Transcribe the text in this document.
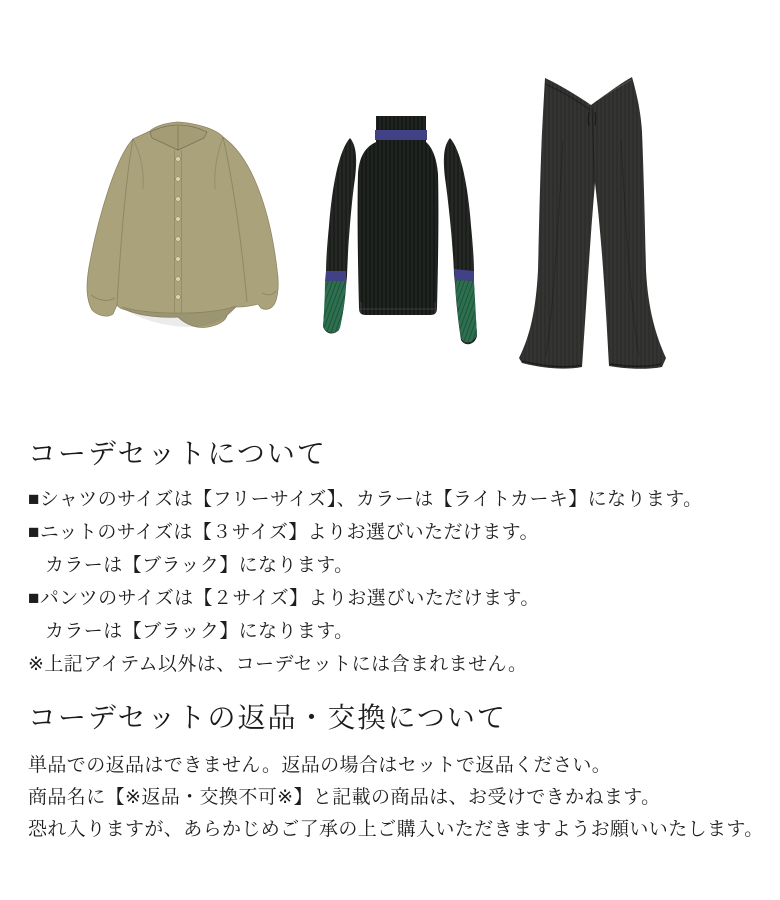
コーデセットについて

■シャツのサイズは【フリーサイズ】、カラーは【ライトカーキ】になります。

■ニットのサイズは【３サイズ】よりお選びいただけます。

カラーは【ブラック】になります。

■パンツのサイズは【２サイズ】よりお選びいただけます。

カラーは【ブラック】になります。

※上記アイテム以外は、コーデセットには含まれません。

コーデセットの返品・交換について

単品での返品はできません。返品の場合はセットで返品ください。

商品名に【※返品・交換不可※】と記載の商品は、お受けできかねます。

恐れ入りますが、あらかじめご了承の上ご購入いただきますようお願いいたします。
